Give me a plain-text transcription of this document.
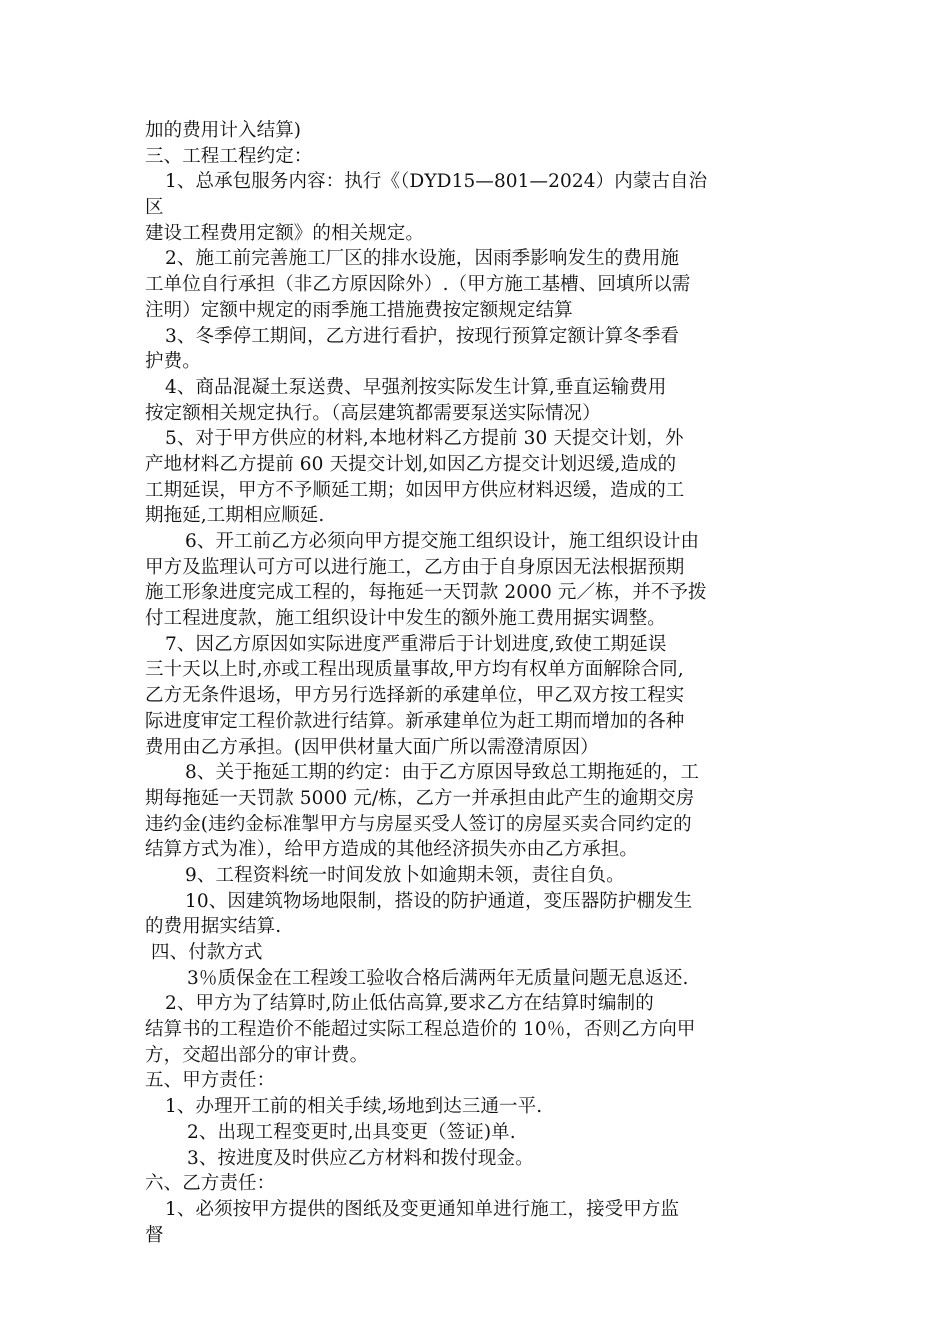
加的费用计入结算)
三、工程工程约定：
1、总承包服务内容：执行《（DYD15—801—2024）内蒙古自治
区
建设工程费用定额》的相关规定。
2、施工前完善施工厂区的排水设施，因雨季影响发生的费用施
工单位自行承担（非乙方原因除外）.（甲方施工基槽、回填所以需
注明）定额中规定的雨季施工措施费按定额规定结算
3、冬季停工期间，乙方进行看护，按现行预算定额计算冬季看
护费。
4、商品混凝土泵送费、早强剂按实际发生计算,垂直运输费用
按定额相关规定执行。（高层建筑都需要泵送实际情况）
5、对于甲方供应的材料,本地材料乙方提前 30 天提交计划，外
产地材料乙方提前 60 天提交计划,如因乙方提交计划迟缓,造成的
工期延误，甲方不予顺延工期；如因甲方供应材料迟缓，造成的工
期拖延,工期相应顺延.
6、开工前乙方必须向甲方提交施工组织设计，施工组织设计由
甲方及监理认可方可以进行施工，乙方由于自身原因无法根据预期
施工形象进度完成工程的，每拖延一天罚款 2000 元／栋，并不予拨
付工程进度款，施工组织设计中发生的额外施工费用据实调整。
7、因乙方原因如实际进度严重滞后于计划进度,致使工期延误
三十天以上时,亦或工程出现质量事故,甲方均有权单方面解除合同,
乙方无条件退场，甲方另行选择新的承建单位，甲乙双方按工程实
际进度审定工程价款进行结算。新承建单位为赶工期而增加的各种
费用由乙方承担。(因甲供材量大面广所以需澄清原因）
8、关于拖延工期的约定：由于乙方原因导致总工期拖延的，工
期每拖延一天罚款 5000 元/栋，乙方一并承担由此产生的逾期交房
违约金(违约金标准掣甲方与房屋买受人签订的房屋买卖合同约定的
结算方式为准），给甲方造成的其他经济损失亦由乙方承担。
9、工程资料统一时间发放卜如逾期未领，责往自负。
10、因建筑物场地限制，搭设的防护通道，变压器防护棚发生
的费用据实结算.
四、付款方式
3％质保金在工程竣工验收合格后满两年无质量问题无息返还.
2、甲方为了结算时,防止低估高算,要求乙方在结算时编制的
结算书的工程造价不能超过实际工程总造价的 10％，否则乙方向甲
方，交超出部分的审计费。
五、甲方责任：
1、办理开工前的相关手续,场地到达三通一平.
2、出现工程变更时,出具变更（签证)单.
3、按进度及时供应乙方材料和拨付现金。
六、乙方责任：
1、必须按甲方提供的图纸及变更通知单进行施工，接受甲方监
督
